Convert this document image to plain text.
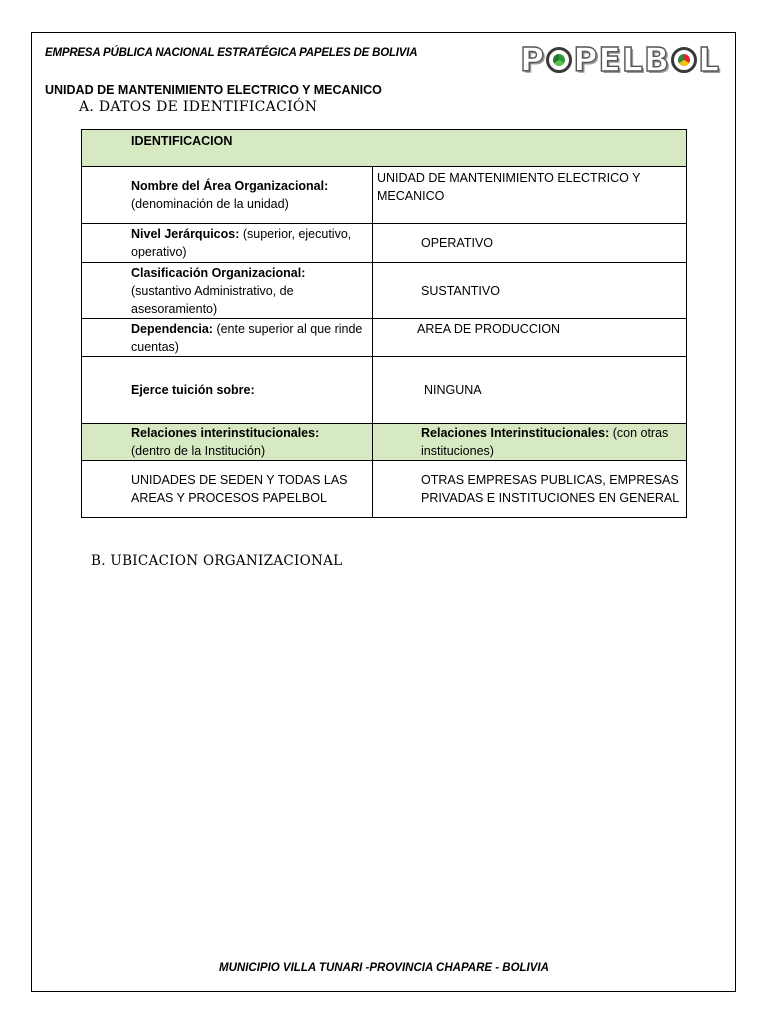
EMPRESA PÚBLICA NACIONAL ESTRATÉGICA PAPELES DE BOLIVIA	P PELB L
UNIDAD DE MANTENIMIENTO ELECTRICO Y MECANICO
A. DATOS DE IDENTIFICACIÓN
IDENTIFICACION	
Nombre del Área Organizacional:
(denominación de la unidad)	UNIDAD DE MANTENIMIENTO ELECTRICO Y MECANICO
Nivel Jerárquicos: (superior, ejecutivo, operativo)	OPERATIVO
Clasificación Organizacional:
(sustantivo Administrativo, de asesoramiento)	SUSTANTIVO
Dependencia: (ente superior al que rinde cuentas)	AREA DE PRODUCCION
Ejerce tuición sobre:	NINGUNA
Relaciones interinstitucionales:
(dentro de la Institución)	Relaciones Interinstitucionales: (con otras instituciones)
UNIDADES DE SEDEN Y TODAS LAS AREAS Y PROCESOS PAPELBOL	OTRAS EMPRESAS PUBLICAS, EMPRESAS PRIVADAS E INSTITUCIONES EN GENERAL
B. UBICACION ORGANIZACIONAL
MUNICIPIO VILLA TUNARI -PROVINCIA CHAPARE - BOLIVIA
